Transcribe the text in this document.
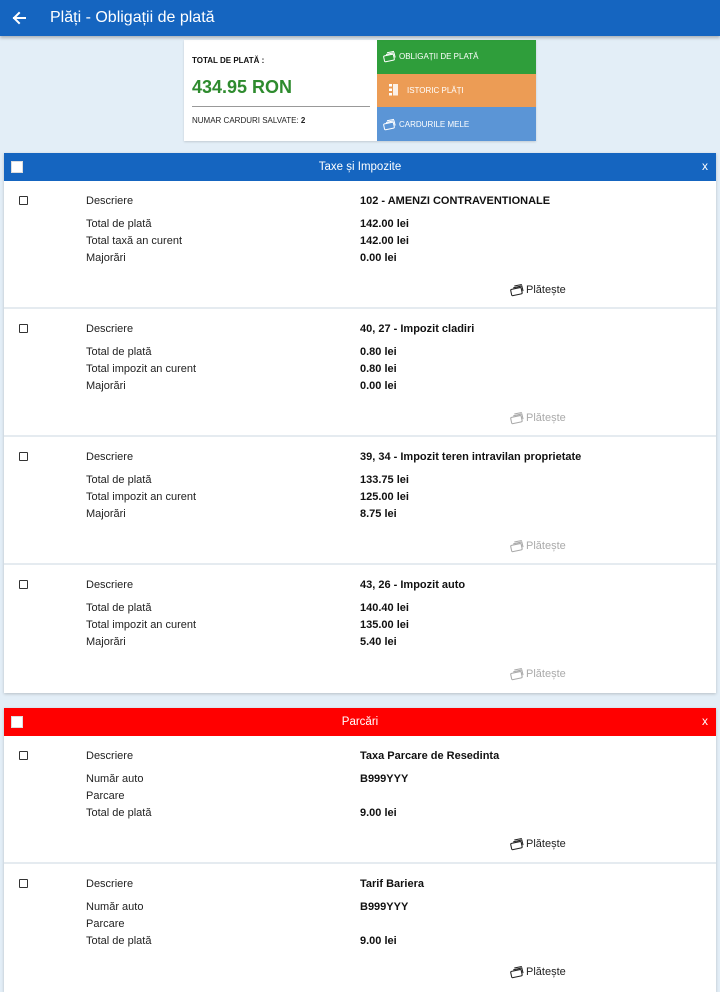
Plăți - Obligații de plată
TOTAL DE PLATĂ :
434.95 RON
NUMAR CARDURI SALVATE: 2
OBLIGAȚII DE PLATĂ
ISTORIC PLĂȚI
CARDURILE MELE
Taxe și Impozite	x
Descriere	102 - AMENZI CONTRAVENTIONALE
Total de plată	142.00 lei
Total taxă an curent	142.00 lei
Majorări	0.00 lei
Plătește
Descriere	40, 27 - Impozit cladiri
Total de plată	0.80 lei
Total impozit an curent	0.80 lei
Majorări	0.00 lei
Plătește
Descriere	39, 34 - Impozit teren intravilan proprietate
Total de plată	133.75 lei
Total impozit an curent	125.00 lei
Majorări	8.75 lei
Plătește
Descriere	43, 26 - Impozit auto
Total de plată	140.40 lei
Total impozit an curent	135.00 lei
Majorări	5.40 lei
Plătește
Parcări	x
Descriere	Taxa Parcare de Resedinta
Număr auto	B999YYY
Parcare
Total de plată	9.00 lei
Plătește
Descriere	Tarif Bariera
Număr auto	B999YYY
Parcare
Total de plată	9.00 lei
Plătește
